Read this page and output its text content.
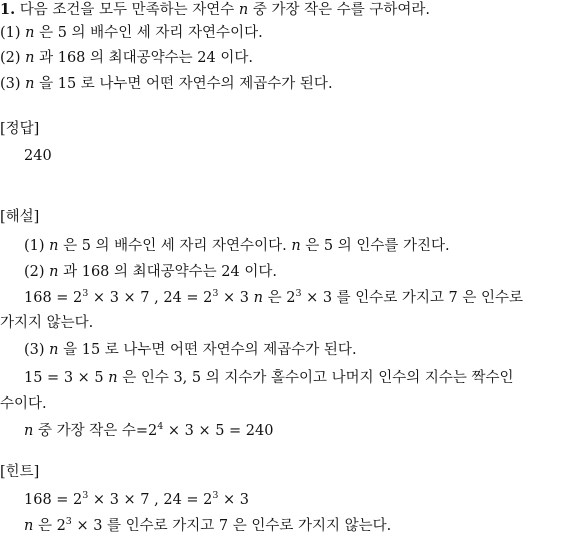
1. 다음 조건을 모두 만족하는 자연수 n 중 가장 작은 수를 구하여라.
(1) n 은 5 의 배수인 세 자리 자연수이다.
(2) n 과 168 의 최대공약수는 24 이다.
(3) n 을 15 로 나누면 어떤 자연수의 제곱수가 된다.
[정답]
240
[해설]
(1) n 은 5 의 배수인 세 자리 자연수이다. n 은 5 의 인수를 가진다.
(2) n 과 168 의 최대공약수는 24 이다.
$168 = 2^3 \times 3 \times 7$ , $24 = 2^3 \times 3$ n 은 $2^3 \times 3$ 를 인수로 가지고 7 은 인수로
가지지 않는다.
(3) n 을 15 로 나누면 어떤 자연수의 제곱수가 된다.
15 = 3 × 5 n 은 인수 3, 5 의 지수가 홀수이고 나머지 인수의 지수는 짝수인
수이다.
n 중 가장 작은 수$=2^4 \times 3 \times 5 = 240$
[힌트]
$168 = 2^3 \times 3 \times 7$ , $24 = 2^3 \times 3$
n 은 $2^3 \times 3$ 를 인수로 가지고 7 은 인수로 가지지 않는다.
